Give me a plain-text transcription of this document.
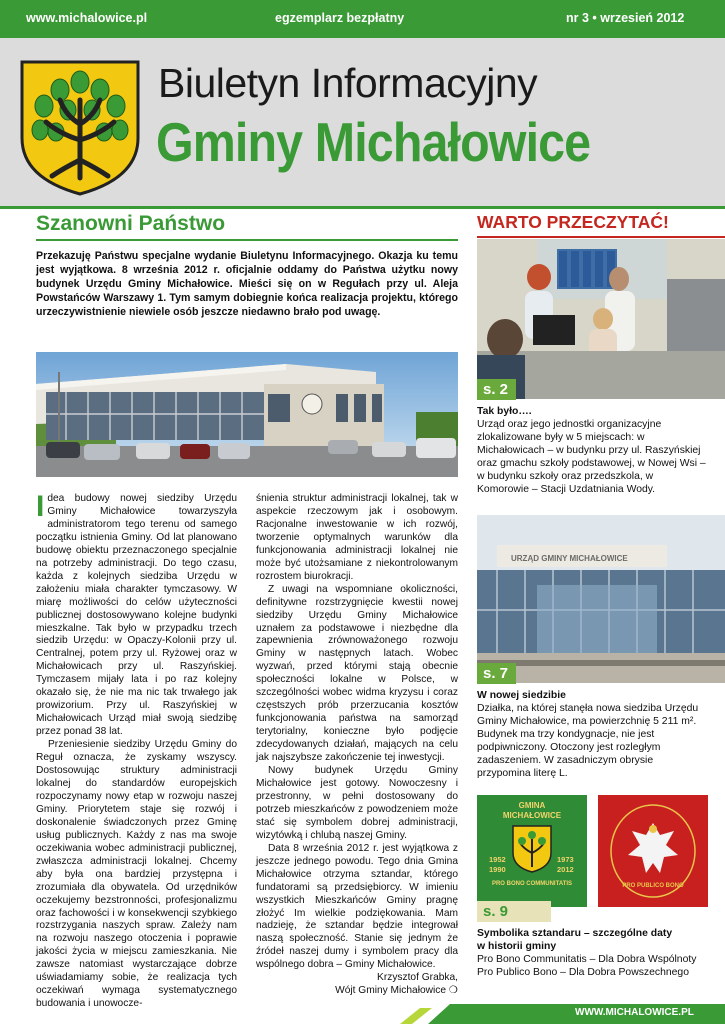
www.michalowice.pl	egzemplarz bezpłatny	nr 3 • wrzesień 2012
Biuletyn Informacyjny
Gminy Michałowice
Szanowni Państwo
Przekazuję Państwu specjalne wydanie Biuletynu Informacyjnego. Okazja ku temu jest wyjątkowa. 8 września 2012 r. oficjalnie oddamy do Państwa użytku nowy budynek Urzędu Gminy Michałowice. Mieści się on w Regułach przy ul. Aleja Powstańców Warszawy 1. Tym samym dobiegnie końca realizacja projektu, którego urzeczywistnienie niewiele osób jeszcze niedawno brało pod uwagę.

Idea budowy nowej siedziby Urzędu Gminy Michałowice towarzyszyła administratorom tego terenu od samego początku istnienia Gminy. Od lat planowano budowę obiektu przeznaczonego specjalnie na potrzeby administracji. Do tego czasu, każda z kolejnych siedziba Urzędu w założeniu miała charakter tymczasowy. W miarę możliwości do celów użyteczności publicznej dostosowywano kolejne budynki mieszkalne. Tak było w przypadku trzech siedzib Urzędu: w Opaczy-Kolonii przy ul. Centralnej, potem przy ul. Ryżowej oraz w Michałowicach przy ul. Raszyńskiej. Tymczasem mijały lata i po raz kolejny okazało się, że nie ma nic tak trwałego jak prowizorium. Przy ul. Raszyńskiej w Michałowicach Urząd miał swoją siedzibę przez ponad 38 lat.

Przeniesienie siedziby Urzędu Gminy do Reguł oznacza, że zyskamy wszyscy. Dostosowując struktury administracji lokalnej do standardów europejskich rozpoczynamy nowy etap w rozwoju naszej Gminy. Priorytetem staje się rozwój i doskonalenie świadczonych przez Gminę usług publicznych. Każdy z nas ma swoje oczekiwania wobec administracji publicznej, zwłaszcza administracji lokalnej. Chcemy aby była ona bardziej przystępna i zrozumiała dla obywatela. Od urzędników oczekujemy bezstronności, profesjonalizmu oraz fachowości i w konsekwencji szybkiego rozstrzygania naszych spraw. Zależy nam na rozwoju naszego otoczenia i poprawie jakości życia w miejscu zamieszkania. Nie zawsze natomiast wystarczające dobrze uświadamiamy sobie, że realizacja tych oczekiwań wymaga systematycznego budowania i unowocze-

śnienia struktur administracji lokalnej, tak w aspekcie rzeczowym jak i osobowym. Racjonalne inwestowanie w ich rozwój, tworzenie optymalnych warunków dla funkcjonowania administracji lokalnej nie może być utożsamiane z niekontrolowanym rozrostem biurokracji.

Z uwagi na wspomniane okoliczności, definitywne rozstrzygnięcie kwestii nowej siedziby Urzędu Gminy Michałowice uznałem za podstawowe i niezbędne dla zapewnienia zrównoważonego rozwoju Gminy w następnych latach. Wobec wyzwań, przed którymi stają obecnie społeczności lokalne w Polsce, w szczególności wobec widma kryzysu i coraz częstszych prób przerzucania kosztów funkcjonowania państwa na samorząd terytorialny, konieczne było podjęcie zdecydowanych działań, mających na celu jak najszybsze zakończenie tej inwestycji.

Nowy budynek Urzędu Gminy Michałowice jest gotowy. Nowoczesny i przestronny, w pełni dostosowany do potrzeb mieszkańców z powodzeniem może stać się symbolem dobrej administracji, wizytówką i chlubą naszej Gminy.

Data 8 września 2012 r. jest wyjątkowa z jeszcze jednego powodu. Tego dnia Gmina Michałowice otrzyma sztandar, którego fundatorami są przedsiębiorcy. W imieniu wszystkich Mieszkańców Gminy pragnę złożyć Im wielkie podziękowania. Mam nadzieję, że sztandar będzie integrował naszą społeczność. Stanie się jednym że źródeł naszej dumy i symbolem pracy dla wspólnego dobra – Gminy Michałowice.

Krzysztof Grabka,

Wójt Gminy Michałowice ❍

WARTO PRZECZYTAĆ!
s. 2
Tak było….
Urząd oraz jego jednostki organizacyjne zlokalizowane były w 5 miejscach: w Michałowicach – w budynku przy ul. Raszyńskiej oraz gmachu szkoły podstawowej, w Nowej Wsi – w budynku szkoły oraz przedszkola, w Komorowie – Stacji Uzdatniania Wody.
URZĄD GMINY MICHAŁOWICE
s. 7
W nowej siedzibie
Działka, na której stanęła nowa siedziba Urzędu Gminy Michałowice, ma powierzchnię 5 211 m². Budynek ma trzy kondygnacje, nie jest podpiwniczony. Otoczony jest rozległym zadaszeniem. W zasadniczym obrysie przypomina literę L.
GMINA
MICHAŁOWICE
1952
1990
1973
2012
PRO BONO COMMUNITATIS	PRO PUBLICO BONO
s. 9
Symbolika sztandaru – szczególne daty
w historii gminy
Pro Bono Communitatis – Dla Dobra Wspólnoty
Pro Publico Bono – Dla Dobra Powszechnego
WWW.MICHALOWICE.PL
